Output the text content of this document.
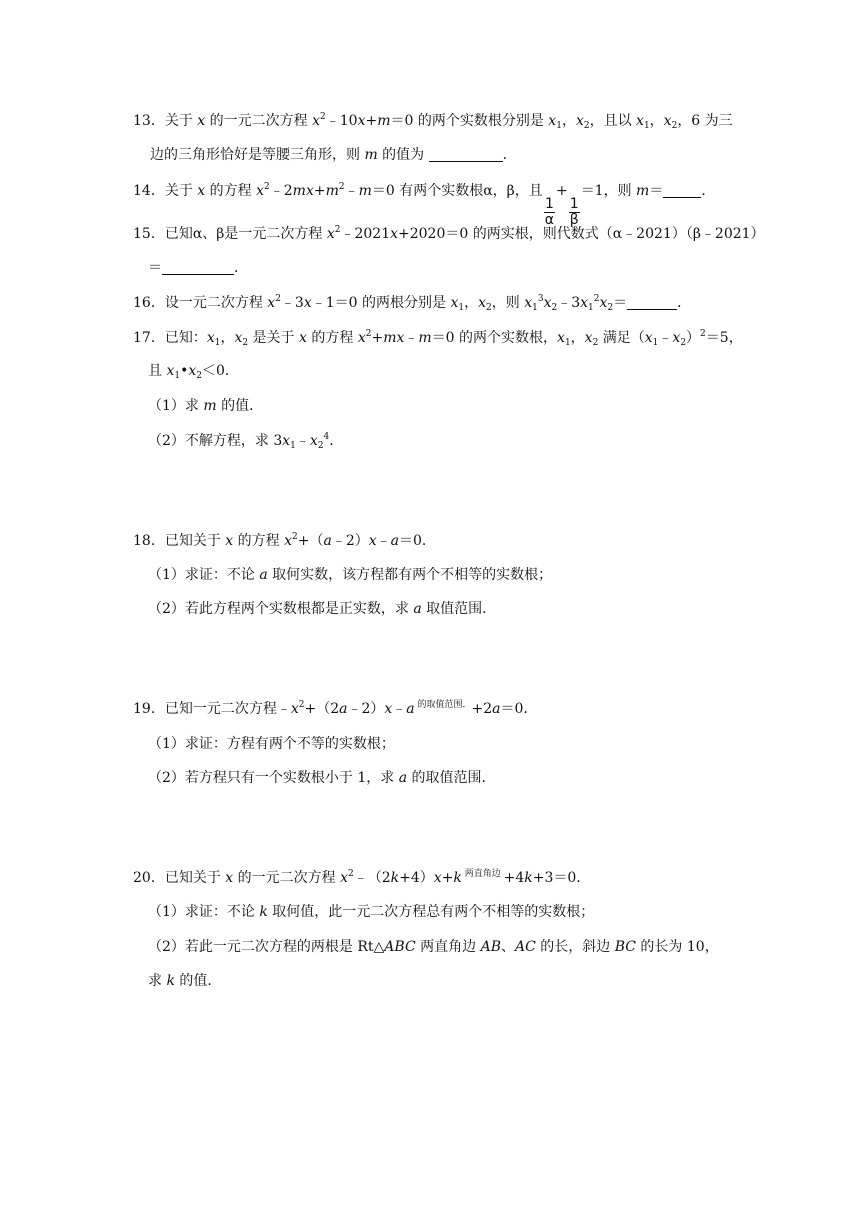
13．关于 x 的一元二次方程 $x^2﹣10x+m=0$ 的两个实数根分别是 $x_1$，$x_2$，且以 $x_1$，$x_2$，6 为三
边的三角形恰好是等腰三角形，则 m 的值为	．
14．关于 x 的方程 $x^2﹣2mx+m^2﹣m=0$ 有两个实数根α，β，且
$\frac{1}{\alpha}$
+
$\frac{1}{\beta}$
＝1，则 m＝	．
15．已知α、β是一元二次方程 $x^2﹣2021x+2020=0$ 的两实根，则代数式（α﹣2021）（β﹣2021）
＝	．
16．设一元二次方程 $x^2﹣3x﹣1=0$ 的两根分别是 $x_1$，$x_2$，则 $x_1^3x_2﹣3x_1^2x_2=$	．
17．已知：$x_1$，$x_2$ 是关于 x 的方程 $x^2+mx﹣m=0$ 的两个实数根，$x_1$，$x_2$ 满足$(x_1﹣x_2)^2=5$，
且 $x_1•x_2<0$．
（1）求 m 的值．
（2）不解方程，求 $3x_1﹣x_2^4$．
18．已知关于 x 的方程 $x^2+(a﹣2)x﹣a=0$．
（1）求证：不论 a 取何实数，该方程都有两个不相等的实数根；
（2）若此方程两个实数根都是正实数，求 a 取值范围．
19．已知一元二次方程$﹣x^2+(2a﹣2)x﹣a$ $^{的取值范围.}$+2a＝0．
（1）求证：方程有两个不等的实数根；
（2）若方程只有一个实数根小于 1，求 a 的取值范围．
20．已知关于 x 的一元二次方程 $x^2﹣(2k+4)x+k$ $^{两直角边}$ +4k+3＝0．
（1）求证：不论 k 取何值，此一元二次方程总有两个不相等的实数根；
（2）若此一元二次方程的两根是 Rt△ABC 两直角边 AB、AC 的长，斜边 BC 的长为 10，
求 k 的值．
